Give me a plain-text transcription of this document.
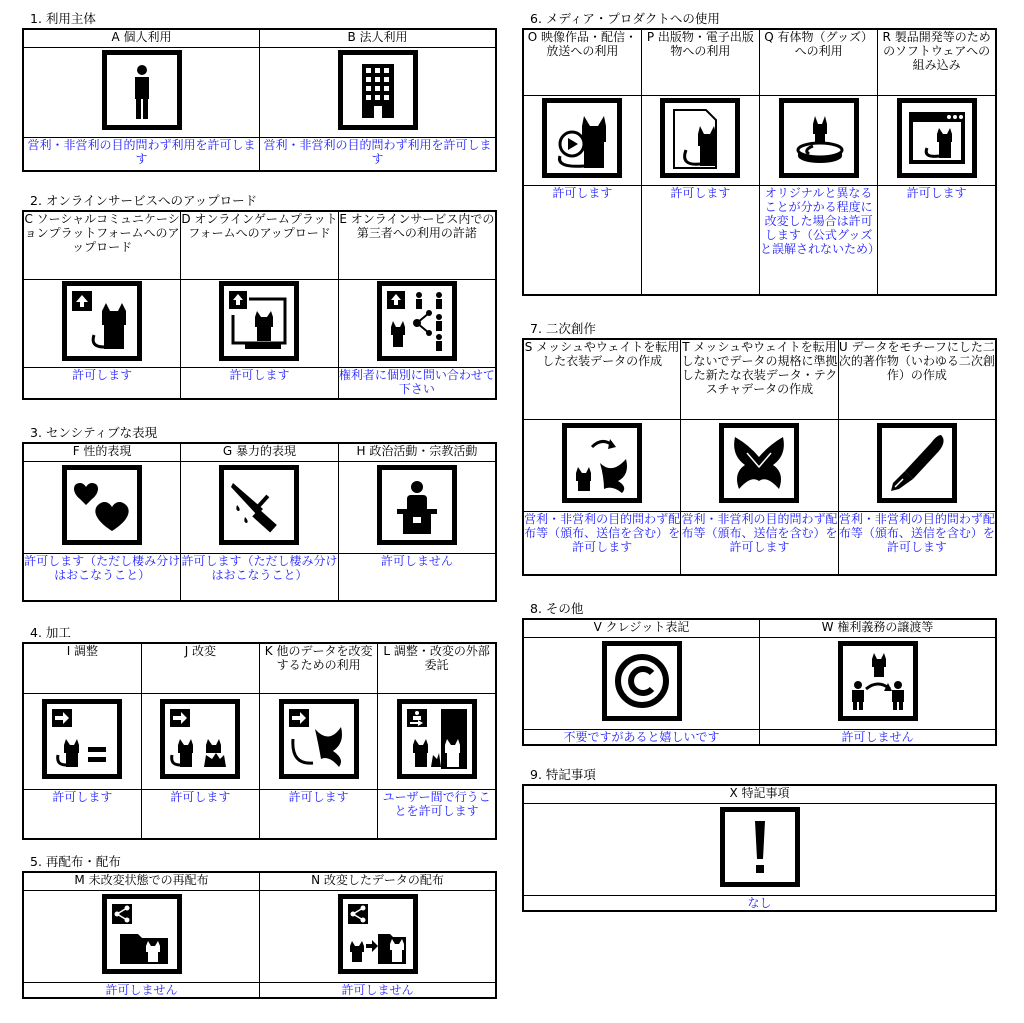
1. 利用主体
A 個人利用	B 法人利用

営利・非営利の目的問わず利用を許可します	営利・非営利の目的問わず利用を許可します
2. オンラインサービスへのアップロード
C ソーシャルコミュニケーションプラットフォームへのアップロード	D オンラインゲームプラットフォームへのアップロード	E オンラインサービス内での第三者への利用の許諾

許可します	許可します	権利者に個別に問い合わせて下さい
3. センシティブな表現
F 性的表現	G 暴力的表現	H 政治活動・宗教活動

許可します（ただし棲み分けはおこなうこと）	許可します（ただし棲み分けはおこなうこと）	許可しません
4. 加工
I 調整	J 改変	K 他のデータを改変するための利用	L 調整・改変の外部委託

許可します	許可します	許可します	ユーザー間で行うことを許可します
5. 再配布・配布
M 未改変状態での再配布	N 改変したデータの配布

許可しません	許可しません
6. メディア・プロダクトへの使用
O 映像作品・配信・放送への利用	P 出版物・電子出版物への利用	Q 有体物（グッズ）への利用	R 製品開発等のためのソフトウェアへの組み込み

許可します	許可します	オリジナルと異なることが分かる程度に改変した場合は許可します（公式グッズと誤解されないため）	許可します
7. 二次創作
S メッシュやウェイトを転用した衣装データの作成	T メッシュやウェイトを転用しないでデータの規格に準拠した新たな衣装データ・テクスチャデータの作成	U データをモチーフにした二次的著作物（いわゆる二次創作）の作成

営利・非営利の目的問わず配布等（頒布、送信を含む）を許可します	営利・非営利の目的問わず配布等（頒布、送信を含む）を許可します	営利・非営利の目的問わず配布等（頒布、送信を含む）を許可します
8. その他
V クレジット表記	W 権利義務の譲渡等

不要ですがあると嬉しいです	許可しません
9. 特記事項
X 特記事項

なし
